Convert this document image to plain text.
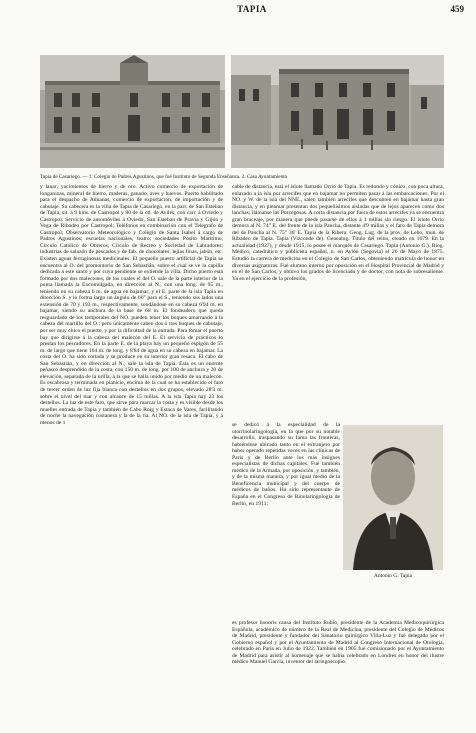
TAPIA	459
Tapia de Casariego. — 1. Colegio de Padres Agustinos, que fué Instituto de Segunda Enseñanza. 2. Casa Ayuntamiento

y lanar; yacimientos de hierro y de oro. Activo comercio de exportación de longanizas, mineral de hierro, maderas, ganado, aves y huevos. Puerto habilitado para el despacho de Aduanas, comercio de exportación, de importación y de cabotaje. Su cabecera es la villa de Tapia de Casariego, en la parr. de San Esteban de Tapia, sit. á 9 kms. de Castropol y 80 de la ctl. de Avilés, con carr. á Oviedo y Castropol. Servicio de automóviles á Oviedo, San Esteban de Pravia y Gijón y Vega de Ribadeo por Castropol; Teléfonos en combinación con el Telégrafo de Castropol; Observatorio Meteorológico y Colegio de Santa Isabel á cargo de Padres Agustinos; escuelas nacionales, teatro; sociedades Pósito Marítimo, Círculo Católico de Obreros, Círculo de Recreo y Sociedad de Labradores; industrias de salazón de pescados y de fab. de chocolates, lejías finas, jabón, etc. Existen aguas ferruginosas medicinales. El pequeño puerto artificial de Tapia se encuentra al O. del promontorio de San Sebastián, sobre el cual se ve la capilla dedicada á este santo y por cuya pendiente se extiende la villa. Dicho puerto está formado por dos malecones, de los cuales el del O. sale de la parte interior de la punta llamada la Excomulgada, en dirección al N., con una long. de 95 m., teniendo en su cabeza 6 m. de agua en bajamar; y el E. parte de la isla Tapia en dirección S. y lo forma largo un ángulo de 66° para el S., teniendo sus lados una extensión de 70 y 193 m., respectivamente, sondándose en su cabeza 6'94 m. en bajamar, siendo su anchura de la base de 68 m. El fondeadero que queda resguardado de los temporales del NO. pueden tener los buques amarrando á la cabeza del martillo del O.; pero únicamente caben dos ó tres buques de cabotaje, por ser muy chico el puerto, y por la dificultad de la entrada. Para tomar el puerto hay que dirigirse á la cabeza del malecón del E. El servicio de prácticos lo prestan los pescadores. En la parte E. de la playa hay un pequeño espigón de 55 m. de largo que tiene 164 m. de long. y 8'84 de agua en su cabeza en bajamar. La costa del O. ha sido cortada y se produce en su interior gran resaca. El cabo de San Sebastián, y en dirección al N., sale la isla de Tapia. Esta es un enorme peñasco desprendido de la costa, con 150 m. de long. por 100 de anchura y 20 de elevación, separada de la orilla, á la que se halla unido por medio de un malecón. Es escabrosa y terminada en planicie, encima de la cual se ha establecido el faro de tercer orden de luz fija blanca con destellos en dos grupos, elevado 28'3 m. sobre el nivel del mar y con alcance de 15 millas. A la isla Tapia hay 23 los destellos. La luz de este faro, que sirve para marcar la costa y es visible desde los muelles entrada de Tapia y también de Cabo Roig y Estaca de Vares, facilitando de noche la navegación costanera y la de la ría. Al NO. de la isla de Tapia, y á menos de 1

cable de distancia, está el islote llamado Orrio de Tapia. Es redondo y cónico, con poca altura, enlazado a la isla por arrecifes que en bajamar no permiten pasar á las embarcaciones. Por el NO. y W. de la isla del NNE., salen también arrecifes que descubren en bajamar hasta gran distancia, y en pleamar presentan dos pequeñísimos aisladas que de lejos aparecen como dos lanchas; llámanse las Porcegosas. A corta distancia por fuera de estos arrecifes ya se encuentra gran braceaje, por manera que puede pasarse de ellos á 1 millas sin riesgo. El islote Orrio demora al N. 74° E. del frente de la isla Pancha, distante 4'9 millas y el faro de Tapia demora del de Pancha al N. 75° 36' E. Tapia de la Ribera. Geog. Lug. de la prov. de Lebo, mun. de Ribadeo de Tapia. Tapia (Vizconde de). Genealog. Título del reino, creado en 1679. En la actualidad (1927), y desde 1915, lo posee el marqués de Casariego. Tapia (Antonio G.). Biog. Médico, catedrático y publicista español, n. en Aylón (Segovia) el 26 de Mayo de 1875. Estudió la carrera de medicina en el Colegio de San Carlos, obteniendo matrícula de honor en diversas asignaturas. Fué alumno interno por oposición en el Hospital Provincial de Madrid y en el de San Carlos, y obtuvo los grados de licenciado y de doctor, con nota de sobresaliente. Ya en el ejercicio de la profesión,

se dedicó á la especialidad de la otorrinolaringología, en la que por su notable desarrollo, traspasando su fama las fronteras, habiéndose ubicado tanto en el extranjero por haber operado repetidas veces en las clínicas de París y de Berlín ante los más insignes especialistas de dichas capitales. Fué también médico de la Armada, por oposición, y también, y de la misma manera, y por igual medio de la Beneficencia municipal y del cuerpo de médicos de baños. Ha sido representante de España en el Congreso de Rinolaringología de Berlín, en 1911;

Antonio G. Tapia

es profesor honoris causa del Instituto Rubio, presidente de la Academia Medicoquirúrgica Española, académico de número de la Real de Medicina, presidente del Colegio de Médicos de Madrid, presidente y fundador del Sanatorio quirúrgico Villa-Luz y fué delegado por el Gobierno español y por el Ayuntamiento de Madrid al Congreso Internacional de Otología, celebrado en París en Julio de 1922. También en 1905 fué comisionado por el Ayuntamiento de Madrid para asistir al homenaje que se había celebrado en Londres en honor del ilustre médico Manuel García, inventor del laringoscopio.
